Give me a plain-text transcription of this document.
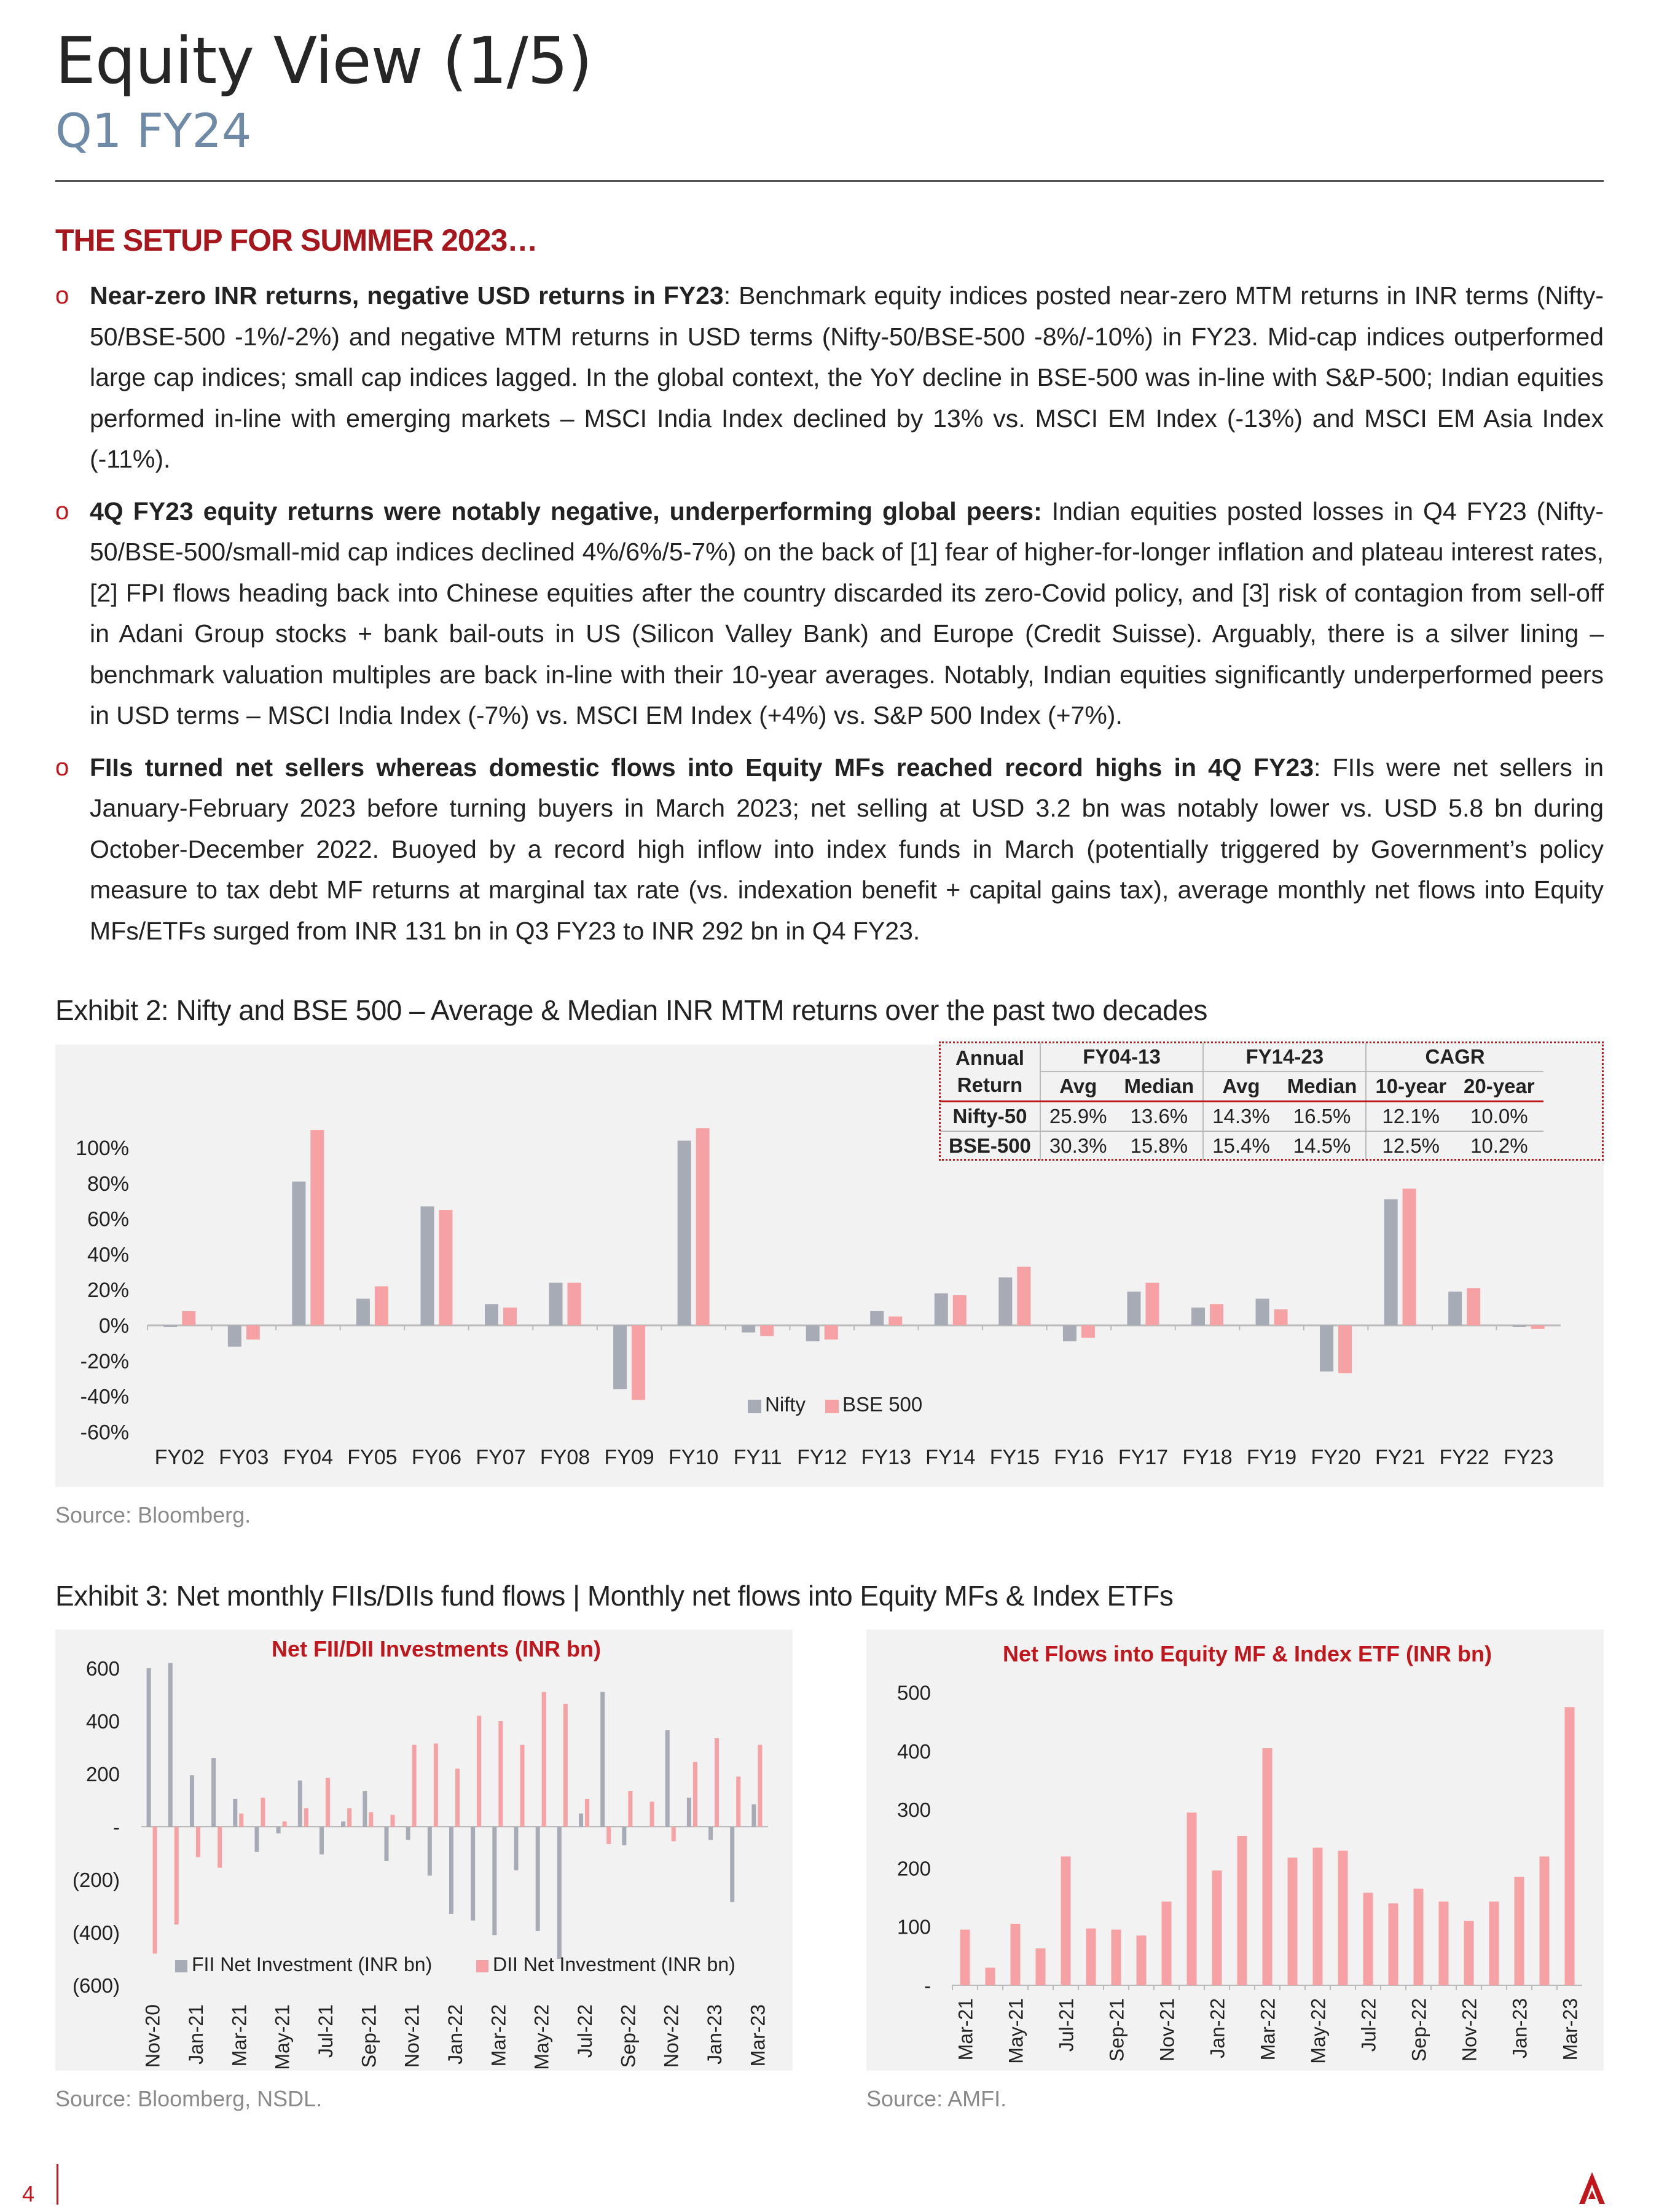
Equity View (1/5)
Q1 FY24
THE SETUP FOR SUMMER 2023…
o Near-zero INR returns, negative USD returns in FY23: Benchmark equity indices posted near-zero MTM returns in INR terms (Nifty-50/BSE-500 -1%/-2%) and negative MTM returns in USD terms (Nifty-50/BSE-500 -8%/-10%) in FY23. Mid-cap indices outperformed large cap indices; small cap indices lagged. In the global context, the YoY decline in BSE-500 was in-line with S&P-500; Indian equities performed in-line with emerging markets – MSCI India Index declined by 13% vs. MSCI EM Index (-13%) and MSCI EM Asia Index (-11%).
o 4Q FY23 equity returns were notably negative, underperforming global peers: Indian equities posted losses in Q4 FY23 (Nifty-50/BSE-500/small-mid cap indices declined 4%/6%/5-7%) on the back of [1] fear of higher-for-longer inflation and plateau interest rates, [2] FPI flows heading back into Chinese equities after the country discarded its zero-Covid policy, and [3] risk of contagion from sell-off in Adani Group stocks + bank bail-outs in US (Silicon Valley Bank) and Europe (Credit Suisse). Arguably, there is a silver lining – benchmark valuation multiples are back in-line with their 10-year averages. Notably, Indian equities significantly underperformed peers in USD terms – MSCI India Index (-7%) vs. MSCI EM Index (+4%) vs. S&P 500 Index (+7%).
o FIIs turned net sellers whereas domestic flows into Equity MFs reached record highs in 4Q FY23: FIIs were net sellers in January-February 2023 before turning buyers in March 2023; net selling at USD 3.2 bn was notably lower vs. USD 5.8 bn during October-December 2022. Buoyed by a record high inflow into index funds in March (potentially triggered by Government’s policy measure to tax debt MF returns at marginal tax rate (vs. indexation benefit + capital gains tax), average monthly net flows into Equity MFs/ETFs surged from INR 131 bn in Q3 FY23 to INR 292 bn in Q4 FY23.
Exhibit 2: Nifty and BSE 500 – Average & Median INR MTM returns over the past two decades
100%
80%
60%
40%
20%
0%
-20%
-40%
-60%
FY02 FY03 FY04 FY05 FY06 FY07 FY08 FY09 FY10 FY11 FY12 FY13 FY14 FY15 FY16 FY17 FY18 FY19 FY20 FY21 FY22 FY23
Nifty BSE 500
Annual
Return	FY04-13		FY14-23		CAGR	
	Avg	Median	Avg	Median	10-year	20-year
Nifty-50	25.9%	13.6%	14.3%	16.5%	12.1%	10.0%
BSE-500	30.3%	15.8%	15.4%	14.5%	12.5%	10.2%
Source: Bloomberg.
Exhibit 3: Net monthly FIIs/DIIs fund flows | Monthly net flows into Equity MFs & Index ETFs
Net FII/DII Investments (INR bn)
600
400
200
-
(200)
(400)
(600)
Nov-20 Jan-21 Mar-21 May-21 Jul-21 Sep-21 Nov-21 Jan-22 Mar-22 May-22 Jul-22 Sep-22 Nov-22 Jan-23 Mar-23
FII Net Investment (INR bn)	DII Net Investment (INR bn)
Net Flows into Equity MF & Index ETF (INR bn)
500
400
300
200
100
-
Mar-21 May-21 Jul-21 Sep-21 Nov-21 Jan-22 Mar-22 May-22 Jul-22 Sep-22 Nov-22 Jan-23 Mar-23
Source: Bloomberg, NSDL.	Source: AMFI.
4
